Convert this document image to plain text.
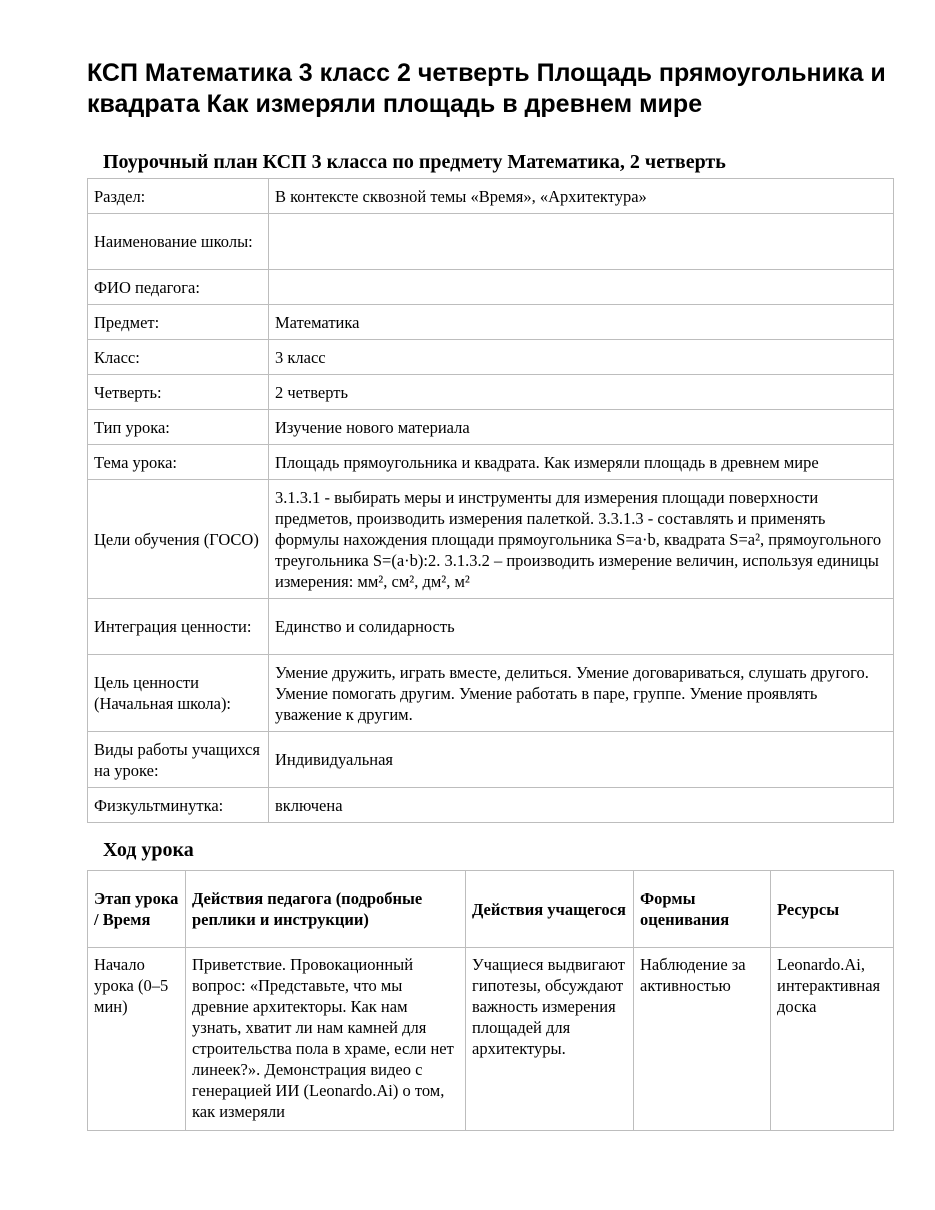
КСП Математика 3 класс 2 четверть Площадь прямоугольника и квадрата Как измеряли площадь в древнем мире
Поурочный план КСП 3 класса по предмету Математика, 2 четверть
Раздел:	В контексте сквозной темы «Время», «Архитектура»
Наименование школы:	
ФИО педагога:	
Предмет:	Математика
Класс:	3 класс
Четверть:	2 четверть
Тип урока:	Изучение нового материала
Тема урока:	Площадь прямоугольника и квадрата. Как измеряли площадь в древнем мире
Цели обучения (ГОСО)	3.1.3.1 - выбирать меры и инструменты для измерения площади поверхности предметов, производить измерения палеткой. 3.3.1.3 - составлять и применять формулы нахождения площади прямоугольника S=a·b, квадрата S=a², прямоугольного треугольника S=(a·b):2. 3.1.3.2 – производить измерение величин, используя единицы измерения: мм², см², дм², м²
Интеграция ценности:	Единство и солидарность
Цель ценности (Начальная школа):	Умение дружить, играть вместе, делиться. Умение договариваться, слушать другого. Умение помогать другим. Умение работать в паре, группе. Умение проявлять уважение к другим.
Виды работы учащихся на уроке:	Индивидуальная
Физкультминутка:	включена
Ход урока
Этап урока / Время	Действия педагога (подробные реплики и инструкции)	Действия учащегося	Формы оценивания	Ресурсы
Начало урока (0–5 мин)	Приветствие. Провокационный вопрос: «Представьте, что мы древние архитекторы. Как нам узнать, хватит ли нам камней для строительства пола в храме, если нет линеек?». Демонстрация видео с генерацией ИИ (Leonardo.Ai) о том, как измеряли	Учащиеся выдвигают гипотезы, обсуждают важность измерения площадей для архитектуры.	Наблюдение за активностью	Leonardo.Ai, интерактивная доска
